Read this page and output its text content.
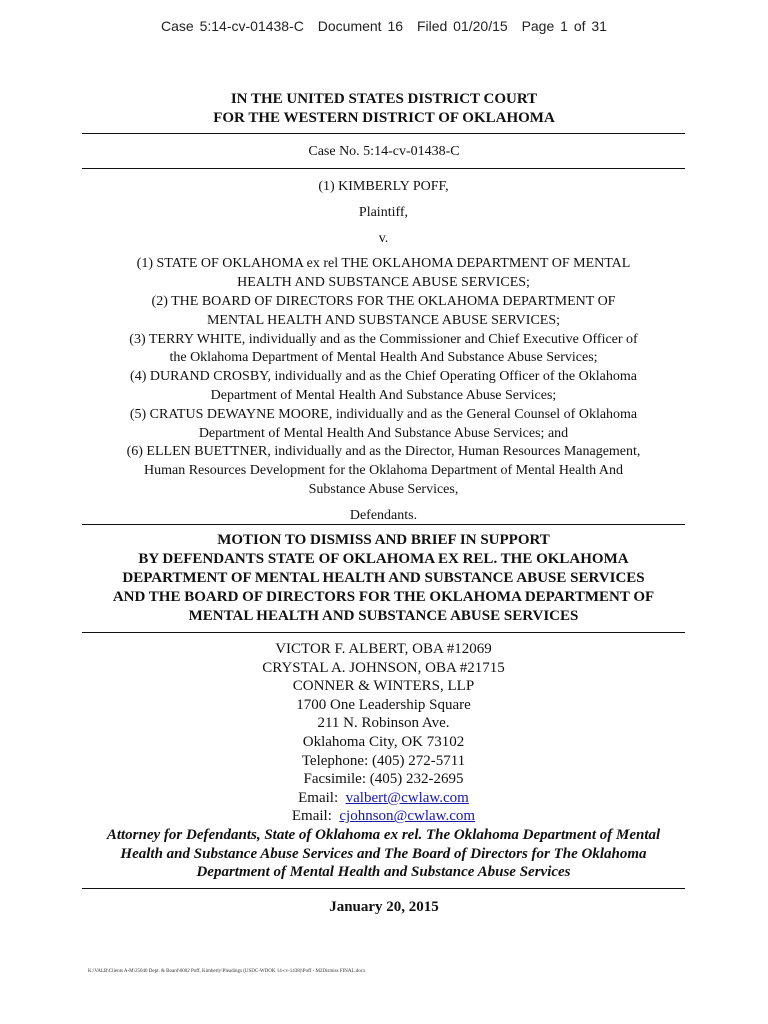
Case 5:14-cv-01438-C Document 16 Filed 01/20/15 Page 1 of 31
IN THE UNITED STATES DISTRICT COURT
FOR THE WESTERN DISTRICT OF OKLAHOMA
Case No. 5:14-cv-01438-C

(1) KIMBERLY POFF,

Plaintiff,

v.

(1) STATE OF OKLAHOMA ex rel THE OKLAHOMA DEPARTMENT OF MENTAL

HEALTH AND SUBSTANCE ABUSE SERVICES;

(2) THE BOARD OF DIRECTORS FOR THE OKLAHOMA DEPARTMENT OF

MENTAL HEALTH AND SUBSTANCE ABUSE SERVICES;

(3) TERRY WHITE, individually and as the Commissioner and Chief Executive Officer of

the Oklahoma Department of Mental Health And Substance Abuse Services;

(4) DURAND CROSBY, individually and as the Chief Operating Officer of the Oklahoma

Department of Mental Health And Substance Abuse Services;

(5) CRATUS DEWAYNE MOORE, individually and as the General Counsel of Oklahoma

Department of Mental Health And Substance Abuse Services; and

(6) ELLEN BUETTNER, individually and as the Director, Human Resources Management,

Human Resources Development for the Oklahoma Department of Mental Health And

Substance Abuse Services,

Defendants.

MOTION TO DISMISS AND BRIEF IN SUPPORT

BY DEFENDANTS STATE OF OKLAHOMA EX REL. THE OKLAHOMA

DEPARTMENT OF MENTAL HEALTH AND SUBSTANCE ABUSE SERVICES

AND THE BOARD OF DIRECTORS FOR THE OKLAHOMA DEPARTMENT OF

MENTAL HEALTH AND SUBSTANCE ABUSE SERVICES

VICTOR F. ALBERT, OBA #12069

CRYSTAL A. JOHNSON, OBA #21715

CONNER & WINTERS, LLP

1700 One Leadership Square

211 N. Robinson Ave.

Oklahoma City, OK 73102

Telephone: (405) 272-5711

Facsimile: (405) 232-2695

Email: valbert@cwlaw.com

Email: cjohnson@cwlaw.com

Attorney for Defendants, State of Oklahoma ex rel. The Oklahoma Department of Mental

Health and Substance Abuse Services and The Board of Directors for The Oklahoma

Department of Mental Health and Substance Abuse Services

January 20, 2015
K:\VALB\Clients A-M\25040 Dept. & Board\0002 Poff, Kimberly\Pleadings (USDC-WDOK 14-cv-1438)\Poff - M2Dismiss FINAL.docx
